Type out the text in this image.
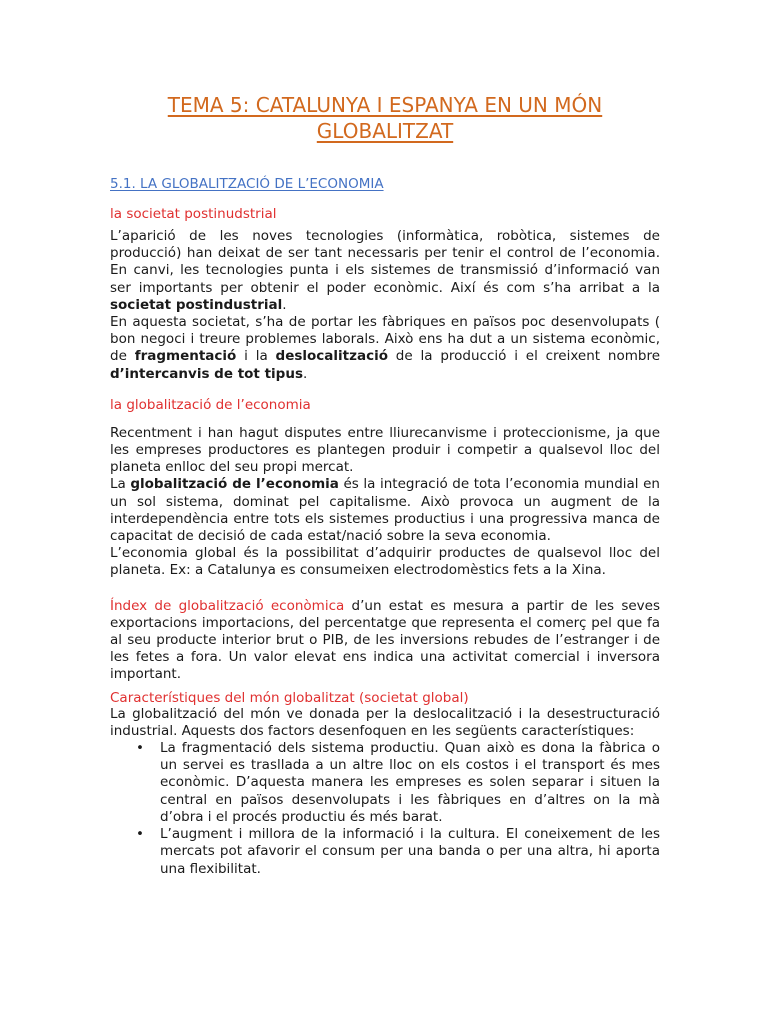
TEMA 5: CATALUNYA I ESPANYA EN UN MÓN GLOBALITZAT
5.1. LA GLOBALITZACIÓ DE L’ECONOMIA
la societat postinudstrial

L’aparició de les noves tecnologies (informàtica, robòtica, sistemes de producció) han deixat de ser tant necessaris per tenir el control de l’economia. En canvi, les tecnologies punta i els sistemes de transmissió d’informació van ser importants per obtenir el poder econòmic. Així és com s’ha arribat a la societat postindustrial.

En aquesta societat, s’ha de portar les fàbriques en països poc desenvolupats ( bon negoci i treure problemes laborals. Això ens ha dut a un sistema econòmic, de fragmentació i la deslocalització de la producció i el creixent nombre d’intercanvis de tot tipus.

la globalització de l’economia

Recentment i han hagut disputes entre lliurecanvisme i proteccionisme, ja que les empreses productores es plantegen produir i competir a qualsevol lloc del planeta enlloc del seu propi mercat.

La globalització de l’economia és la integració de tota l’economia mundial en un sol sistema, dominat pel capitalisme. Això provoca un augment de la interdependència entre tots els sistemes productius i una progressiva manca de capacitat de decisió de cada estat/nació sobre la seva economia.

L’economia global és la possibilitat d’adquirir productes de qualsevol lloc del planeta. Ex: a Catalunya es consumeixen electrodomèstics fets a la Xina.

Índex de globalització econòmica d’un estat es mesura a partir de les seves exportacions importacions, del percentatge que representa el comerç pel que fa al seu producte interior brut o PIB, de les inversions rebudes de l’estranger i de les fetes a fora. Un valor elevat ens indica una activitat comercial i inversora important.

Característiques del món globalitzat (societat global)

La globalització del món ve donada per la deslocalització i la desestructuració industrial. Aquests dos factors desenfoquen en les següents característiques:

• La fragmentació dels sistema productiu. Quan això es dona la fàbrica o un servei es trasllada a un altre lloc on els costos i el transport és mes econòmic. D’aquesta manera les empreses es solen separar i situen la central en països desenvolupats i les fàbriques en d’altres on la mà d’obra i el procés productiu és més barat.
• L’augment i millora de la informació i la cultura. El coneixement de les mercats pot afavorir el consum per una banda o per una altra, hi aporta una flexibilitat.
